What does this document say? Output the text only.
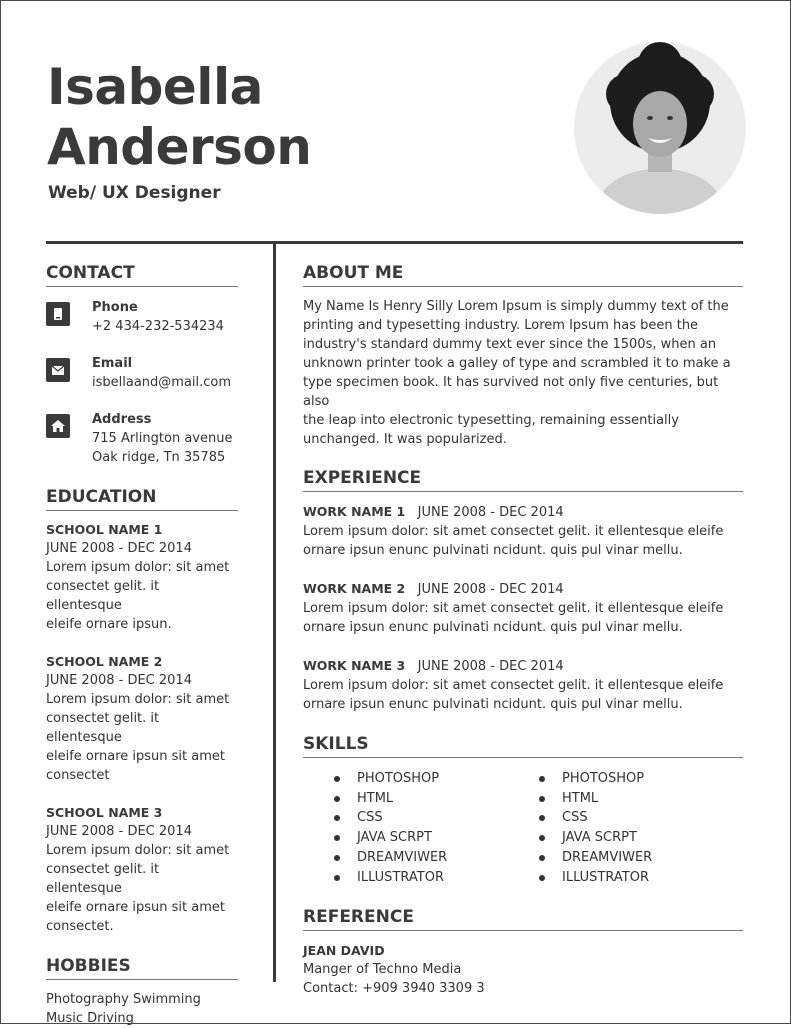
Isabella
Anderson
Web/ UX Designer
CONTACT
Phone
+2 434-232-534234
Email
isbellaand@mail.com
Address
715 Arlington avenue
Oak ridge, Tn 35785
EDUCATION
SCHOOL NAME 1
JUNE 2008 - DEC 2014
Lorem ipsum dolor: sit amet
consectet gelit. it ellentesque
eleife ornare ipsun.
SCHOOL NAME 2
JUNE 2008 - DEC 2014
Lorem ipsum dolor: sit amet
consectet gelit. it ellentesque
eleife ornare ipsun sit amet
consectet
SCHOOL NAME 3
JUNE 2008 - DEC 2014
Lorem ipsum dolor: sit amet
consectet gelit. it ellentesque
eleife ornare ipsun sit amet
consectet.
HOBBIES
Photography Swimming
Music Driving
ABOUT ME
My Name Is Henry Silly Lorem Ipsum is simply dummy text of the
printing and typesetting industry. Lorem Ipsum has been the
industry's standard dummy text ever since the 1500s, when an
unknown printer took a galley of type and scrambled it to make a
type specimen book. It has survived not only five centuries, but also
the leap into electronic typesetting, remaining essentially
unchanged. It was popularized.
EXPERIENCE
WORK NAME 1 JUNE 2008 - DEC 2014
Lorem ipsum dolor: sit amet consectet gelit. it ellentesque eleife
ornare ipsun enunc pulvinati ncidunt. quis pul vinar mellu.
WORK NAME 2 JUNE 2008 - DEC 2014
Lorem ipsum dolor: sit amet consectet gelit. it ellentesque eleife
ornare ipsun enunc pulvinati ncidunt. quis pul vinar mellu.
WORK NAME 3 JUNE 2008 - DEC 2014
Lorem ipsum dolor: sit amet consectet gelit. it ellentesque eleife
ornare ipsun enunc pulvinati ncidunt. quis pul vinar mellu.
SKILLS
PHOTOSHOP
HTML
CSS
JAVA SCRPT
DREAMVIWER
ILLUSTRATOR
PHOTOSHOP
HTML
CSS
JAVA SCRPT
DREAMVIWER
ILLUSTRATOR
REFERENCE
JEAN DAVID
Manger of Techno Media
Contact: +909 3940 3309 3
